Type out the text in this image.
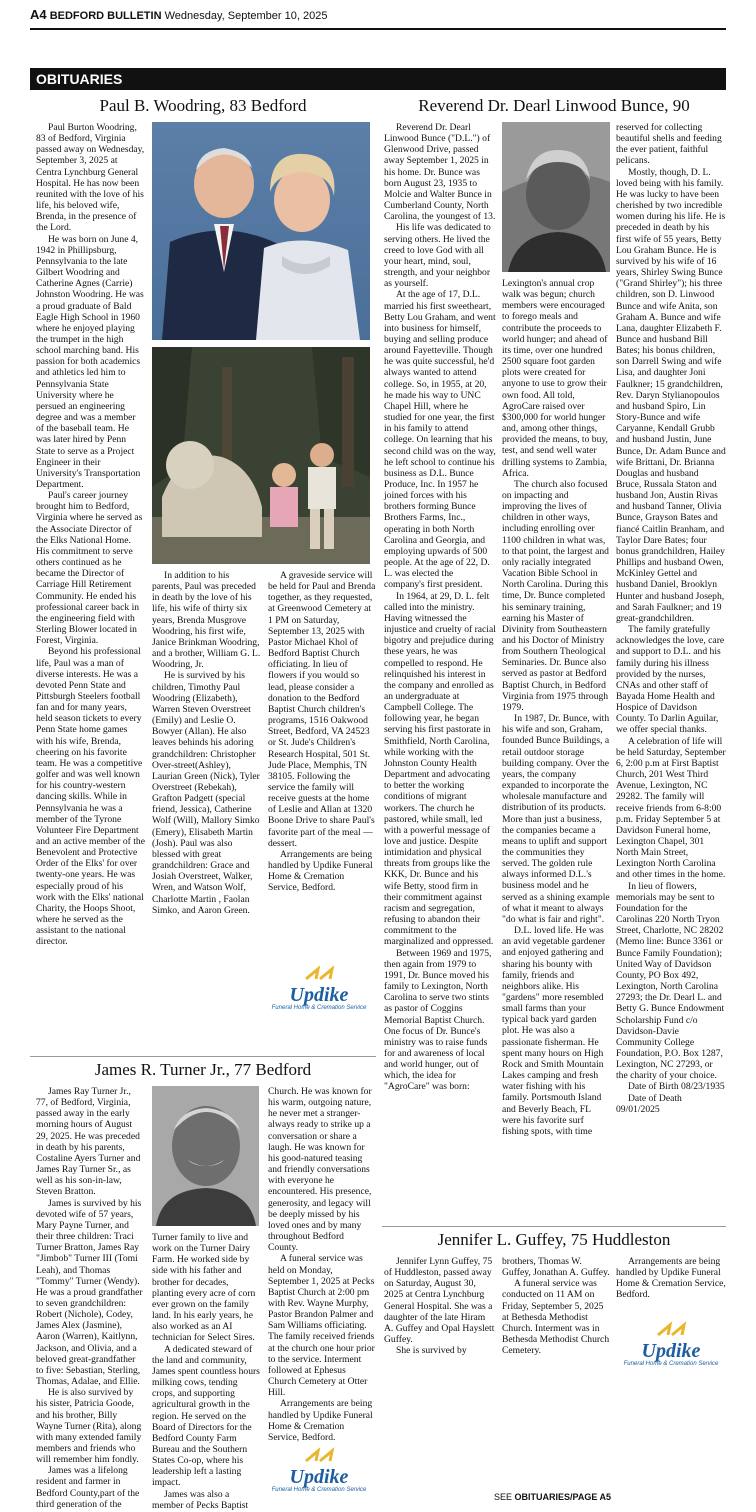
A4 BEDFORD BULLETIN Wednesday, September 10, 2025
OBITUARIES
Paul B. Woodring, 83 Bedford

Paul Burton Woodring, 83 of Bedford, Virginia passed away on Wednesday, September 3, 2025 at Centra Lynchburg General Hospital. He has now been reunited with the love of his life, his beloved wife, Brenda, in the presence of the Lord.

He was born on June 4, 1942 in Phillipsburg, Pennsylvania to the late Gilbert Woodring and Catherine Agnes (Carrie) Johnston Woodring. He was a proud graduate of Bald Eagle High School in 1960 where he enjoyed playing the trumpet in the high school marching band. His passion for both academics and athletics led him to Pennsylvania State University where he persued an engineering degree and was a member of the baseball team. He was later hired by Penn State to serve as a Project Engineer in their University's Transportation Department.

Paul's career journey brought him to Bedford, Virginia where he served as the Associate Director of the Elks National Home. His commitment to serve others continued as he became the Director of Carriage Hill Retirement Community. He ended his professional career back in the engineering field with Sterling Blower located in Forest, Virginia.

Beyond his professional life, Paul was a man of diverse interests. He was a devoted Penn State and Pittsburgh Steelers football fan and for many years, held season tickets to every Penn State home games with his wife, Brenda, cheering on his favorite team. He was a competitive golfer and was well known for his country-western dancing skills. While in Pennsylvania he was a member of the Tyrone Volunteer Fire Department and an active member of the Benevolent and Protective Order of the Elks' for over twenty-one years. He was especially proud of his work with the Elks' national Charity, the Hoops Shoot, where he served as the assistant to the national director.

In addition to his parents, Paul was preceded in death by the love of his life, his wife of thirty six years, Brenda Musgrove Woodring, his first wife, Janice Brinkman Woodring, and a brother, William G. L. Woodring, Jr.

He is survived by his children, Timothy Paul Woodring (Elizabeth), Warren Steven Overstreet (Emily) and Leslie O. Bowyer (Allan). He also leaves behinds his adoring grandchildren: Christopher Over-street(Ashley), Laurian Green (Nick), Tyler Overstreet (Rebekah), Grafton Padgett (special friend, Jessica), Catherine Wolf (Will), Mallory Simko (Emery), Elisabeth Martin (Josh). Paul was also blessed with great grandchildren: Grace and Josiah Overstreet, Walker, Wren, and Watson Wolf, Charlotte Martin , Faolan Simko, and Aaron Green.

A graveside service will be held for Paul and Brenda together, as they requested, at Greenwood Cemetery at 1 PM on Saturday, September 13, 2025 with Pastor Michael Khol of Bedford Baptist Church officiating. In lieu of flowers if you would so lead, please consider a donation to the Bedford Baptist Church children's programs, 1516 Oakwood Street, Bedford, VA 24523 or St. Jude's Children's Research Hospital, 501 St. Jude Place, Memphis, TN 38105. Following the service the family will receive guests at the home of Leslie and Allan at 1320 Boone Drive to share Paul's favorite part of the meal — dessert.

Arrangements are being handled by Updike Funeral Home & Cremation Service, Bedford.

Updike
Funeral Home & Cremation Service
James R. Turner Jr., 77 Bedford

James Ray Turner Jr., 77, of Bedford, Virginia, passed away in the early morning hours of August 29, 2025. He was preceded in death by his parents, Costaline Ayers Turner and James Ray Turner Sr., as well as his son-in-law, Steven Bratton.

James is survived by his devoted wife of 57 years, Mary Payne Turner, and their three children: Traci Turner Bratton, James Ray "Jimbob" Turner III (Tomi Leah), and Thomas "Tommy" Turner (Wendy). He was a proud grandfather to seven grandchildren: Robert (Nichole), Codey, James Alex (Jasmine), Aaron (Warren), Kaitlynn, Jackson, and Olivia, and a beloved great-grandfather to five: Sebastian, Sterling, Thomas, Adalae, and Ellie.

He is also survived by his sister, Patricia Goode, and his brother, Billy Wayne Turner (Rita), along with many extended family members and friends who will remember him fondly.

James was a lifelong resident and farmer in Bedford County,part of the third generation of the

Turner family to live and work on the Turner Dairy Farm. He worked side by side with his father and brother for decades, planting every acre of corn ever grown on the family land. In his early years, he also worked as an AI technician for Select Sires.

A dedicated steward of the land and community, James spent countless hours milking cows, tending crops, and supporting agricultural growth in the region. He served on the Board of Directors for the Bedford County Farm Bureau and the Southern States Co-op, where his leadership left a lasting impact.

James was also a member of Pecks Baptist

Church. He was known for his warm, outgoing nature, he never met a stranger-always ready to strike up a conversation or share a laugh. He was known for his good-natured teasing and friendly conversations with everyone he encountered. His presence, generosity, and legacy will be deeply missed by his loved ones and by many throughout Bedford County.

A funeral service was held on Monday, September 1, 2025 at Pecks Baptist Church at 2:00 pm with Rev. Wayne Murphy, Pastor Brandon Palmer and Sam Williams officiating. The family received friends at the church one hour prior to the service. Interment followed at Ephesus Church Cemetery at Otter Hill.

Arrangements are being handled by Updike Funeral Home & Cremation Service, Bedford.

Updike
Funeral Home & Cremation Service
Reverend Dr. Dearl Linwood Bunce, 90

Reverend Dr. Dearl Linwood Bunce ("D.L.") of Glenwood Drive, passed away September 1, 2025 in his home. Dr. Bunce was born August 23, 1935 to Molcie and Walter Bunce in Cumberland County, North Carolina, the youngest of 13.

His life was dedicated to serving others. He lived the creed to love God with all your heart, mind, soul, strength, and your neighbor as yourself.

At the age of 17, D.L. married his first sweetheart, Betty Lou Graham, and went into business for himself, buying and selling produce around Fayetteville. Though he was quite successful, he'd always wanted to attend college. So, in 1955, at 20, he made his way to UNC Chapel Hill, where he studied for one year, the first in his family to attend college. On learning that his second child was on the way, he left school to continue his business as D.L. Bunce Produce, Inc. In 1957 he joined forces with his brothers forming Bunce Brothers Farms, Inc., operating in both North Carolina and Georgia, and employing upwards of 500 people. At the age of 22, D. L. was elected the company's first president.

In 1964, at 29, D. L. felt called into the ministry. Having witnessed the injustice and cruelty of racial bigotry and prejudice during these years, he was compelled to respond. He relinquished his interest in the company and enrolled as an undergraduate at Campbell College. The following year, he began serving his first pastorate in Smithfield, North Carolina, while working with the Johnston County Health Department and advocating to better the working conditions of migrant workers. The church he pastored, while small, led with a powerful message of love and justice. Despite intimidation and physical threats from groups like the KKK, Dr. Bunce and his wife Betty, stood firm in their commitment against racism and segregation, refusing to abandon their commitment to the marginalized and oppressed.

Between 1969 and 1975, then again from 1979 to 1991, Dr. Bunce moved his family to Lexington, North Carolina to serve two stints as pastor of Coggins Memorial Baptist Church. One focus of Dr. Bunce's ministry was to raise funds for and awareness of local and world hunger, out of which, the idea for "AgroCare" was born:

Lexington's annual crop walk was begun; church members were encouraged to forego meals and contribute the proceeds to world hunger; and ahead of its time, over one hundred 2500 square foot garden plots were created for anyone to use to grow their own food. All told, AgroCare raised over $300,000 for world hunger and, among other things, provided the means, to buy, test, and send well water drilling systems to Zambia, Africa.

The church also focused on impacting and improving the lives of children in other ways, including enrolling over 1100 children in what was, to that point, the largest and only racially integrated Vacation Bible School in North Carolina. During this time, Dr. Bunce completed his seminary training, earning his Master of Divinity from Southeastern and his Doctor of Ministry from Southern Theological Seminaries. Dr. Bunce also served as pastor at Bedford Baptist Church, in Bedford Virginia from 1975 through 1979.

In 1987, Dr. Bunce, with his wife and son, Graham, founded Bunce Buildings, a retail outdoor storage building company. Over the years, the company expanded to incorporate the wholesale manufacture and distribution of its products. More than just a business, the companies became a means to uplift and support the communities they served. The golden rule always informed D.L.'s business model and he served as a shining example of what it meant to always "do what is fair and right".

D.L. loved life. He was an avid vegetable gardener and enjoyed gathering and sharing his bounty with family, friends and neighbors alike. His "gardens" more resembled small farms than your typical back yard garden plot. He was also a passionate fisherman. He spent many hours on High Rock and Smith Mountain Lakes camping and fresh water fishing with his family. Portsmouth Island and Beverly Beach, FL were his favorite surf fishing spots, with time

reserved for collecting beautiful shells and feeding the ever patient, faithful pelicans.

Mostly, though, D. L. loved being with his family. He was lucky to have been cherished by two incredible women during his life. He is preceded in death by his first wife of 55 years, Betty Lou Graham Bunce. He is survived by his wife of 16 years, Shirley Swing Bunce ("Grand Shirley"); his three children, son D. Linwood Bunce and wife Anita, son Graham A. Bunce and wife Lana, daughter Elizabeth F. Bunce and husband Bill Bates; his bonus children, son Darrell Swing and wife Lisa, and daughter Joni Faulkner; 15 grandchildren, Rev. Daryn Stylianopoulos and husband Spiro, Lin Story-Bunce and wife Caryanne, Kendall Grubb and husband Justin, June Bunce, Dr. Adam Bunce and wife Brittani, Dr. Brianna Douglas and husband Bruce, Russala Staton and husband Jon, Austin Rivas and husband Tanner, Olivia Bunce, Grayson Bates and fiancé Caitlin Branham, and Taylor Dare Bates; four bonus grandchildren, Hailey Phillips and husband Owen, McKinley Gettel and husband Daniel, Brooklyn Hunter and husband Joseph, and Sarah Faulkner; and 19 great-grandchildren.

The family gratefully acknowledges the love, care and support to D.L. and his family during his illness provided by the nurses, CNAs and other staff of Bayada Home Health and Hospice of Davidson County. To Darlin Aguilar, we offer special thanks.

A celebration of life will be held Saturday, September 6, 2:00 p.m at First Baptist Church, 201 West Third Avenue, Lexington, NC 29282. The family will receive friends from 6-8:00 p.m. Friday September 5 at Davidson Funeral home, Lexington Chapel, 301 North Main Street, Lexington North Carolina and other times in the home.

In lieu of flowers, memorials may be sent to Foundation for the Carolinas 220 North Tryon Street, Charlotte, NC 28202 (Memo line: Bunce 3361 or Bunce Family Foundation); United Way of Davidson County, PO Box 492, Lexington, North Carolina 27293; the Dr. Dearl L. and Betty G. Bunce Endowment Scholarship Fund c/o Davidson-Davie Community College Foundation, P.O. Box 1287, Lexington, NC 27293, or the charity of your choice.

Date of Birth 08/23/1935

Date of Death 09/01/2025

Jennifer L. Guffey, 75 Huddleston

Jennifer Lynn Guffey, 75 of Huddleston, passed away on Saturday, August 30, 2025 at Centra Lynchburg General Hospital. She was a daughter of the late Hiram A. Guffey and Opal Hayslett Guffey.

She is survived by

brothers, Thomas W. Guffey, Jonathan A. Guffey.

A funeral service was conducted on 11 AM on Friday, September 5, 2025 at Bethesda Methodist Church. Interment was in Bethesda Methodist Church Cemetery.

Arrangements are being handled by Updike Funeral Home & Cremation Service, Bedford.

Updike
Funeral Home & Cremation Service
SEE OBITUARIES/PAGE A5
